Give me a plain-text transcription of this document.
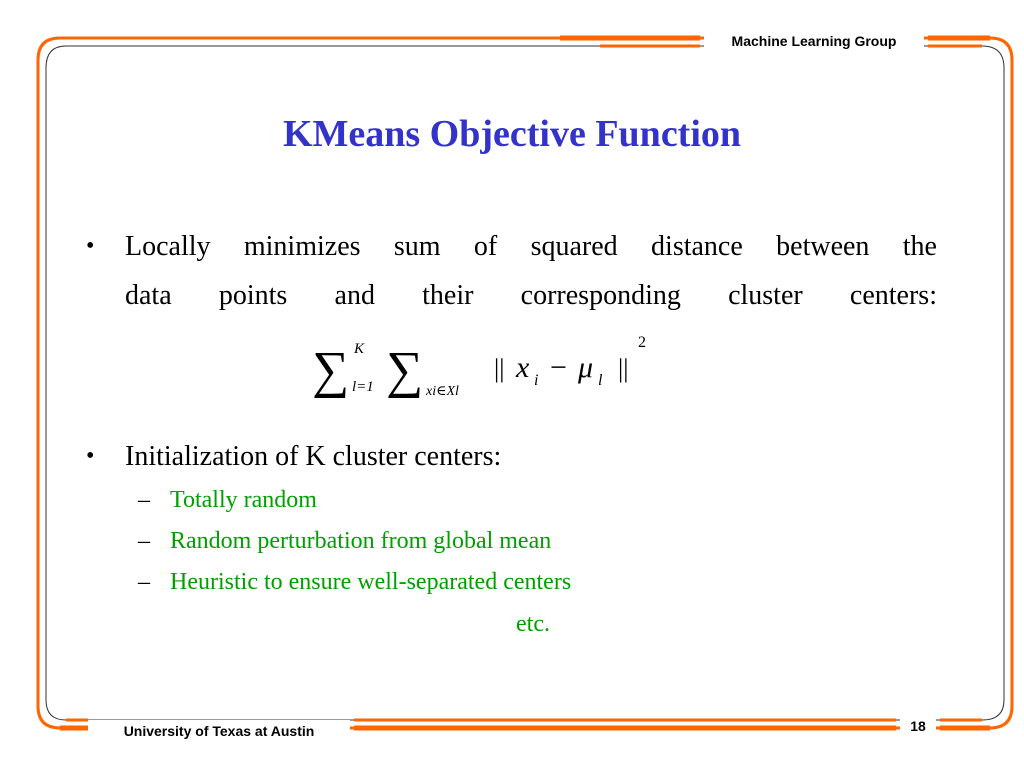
Machine Learning Group
KMeans Objective Function
• Locally minimizes sum of squared distance between the
data points and their corresponding cluster centers:
∑ K
l=1 ∑ xi∈Xl
|| x i − μ l ||
2
• Initialization of K cluster centers:
– Totally random
– Random perturbation from global mean
– Heuristic to ensure well-separated centers
etc.
University of Texas at Austin	18
